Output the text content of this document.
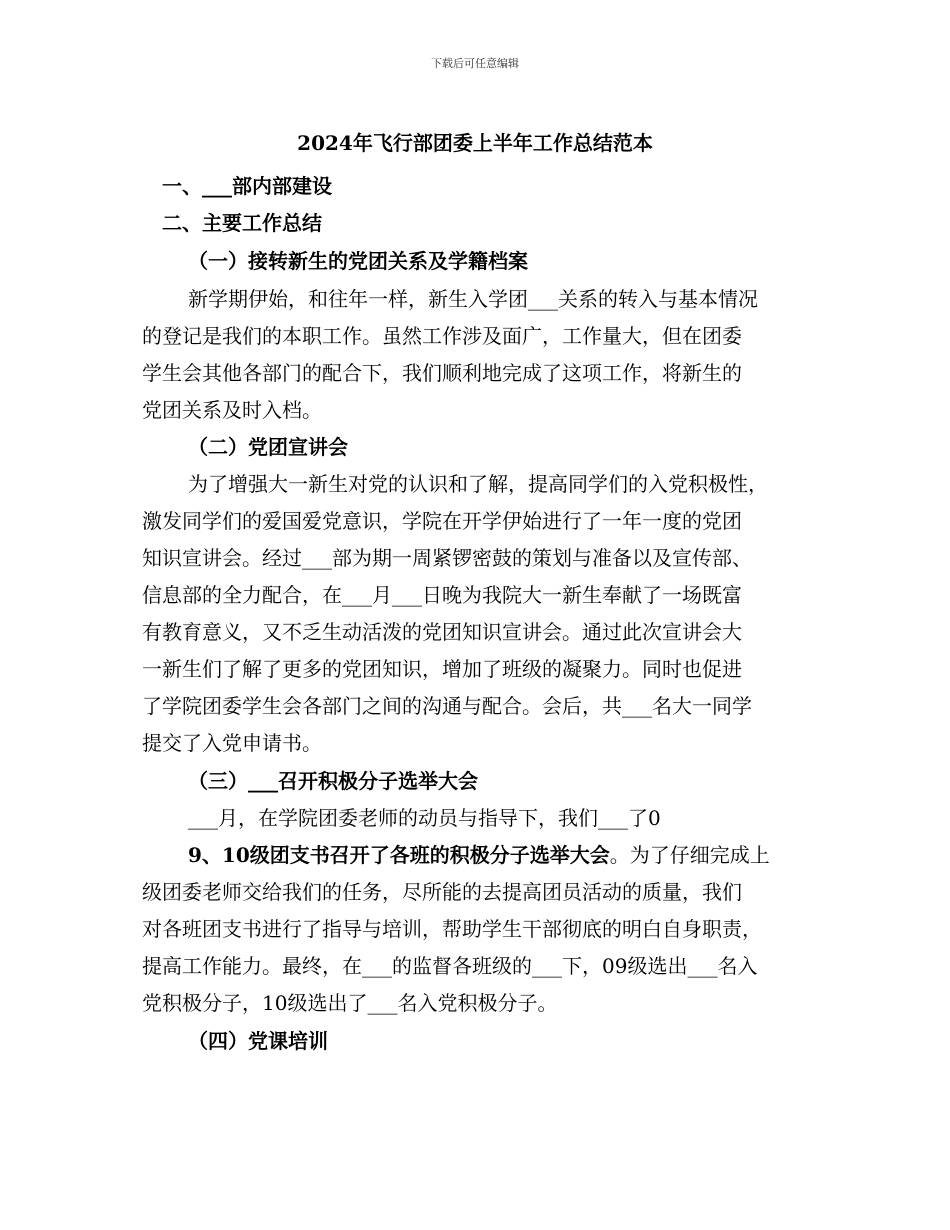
下载后可任意编辑
2024年飞行部团委上半年工作总结范本
一、___部内部建设
二、主要工作总结
（一）接转新生的党团关系及学籍档案
新学期伊始，和往年一样，新生入学团___关系的转入与基本情况
的登记是我们的本职工作。虽然工作涉及面广，工作量大，但在团委
学生会其他各部门的配合下，我们顺利地完成了这项工作，将新生的
党团关系及时入档。
（二）党团宣讲会
为了增强大一新生对党的认识和了解，提高同学们的入党积极性，
激发同学们的爱国爱党意识，学院在开学伊始进行了一年一度的党团
知识宣讲会。经过___部为期一周紧锣密鼓的策划与准备以及宣传部、
信息部的全力配合，在___月___日晚为我院大一新生奉献了一场既富
有教育意义，又不乏生动活泼的党团知识宣讲会。通过此次宣讲会大
一新生们了解了更多的党团知识，增加了班级的凝聚力。同时也促进
了学院团委学生会各部门之间的沟通与配合。会后，共___名大一同学
提交了入党申请书。
（三）___召开积极分子选举大会
___月，在学院团委老师的动员与指导下，我们___了0
9、10级团支书召开了各班的积极分子选举大会。为了仔细完成上
级团委老师交给我们的任务，尽所能的去提高团员活动的质量，我们
对各班团支书进行了指导与培训，帮助学生干部彻底的明白自身职责，
提高工作能力。最终，在___的监督各班级的___下，09级选出___名入
党积极分子，10级选出了___名入党积极分子。
（四）党课培训
